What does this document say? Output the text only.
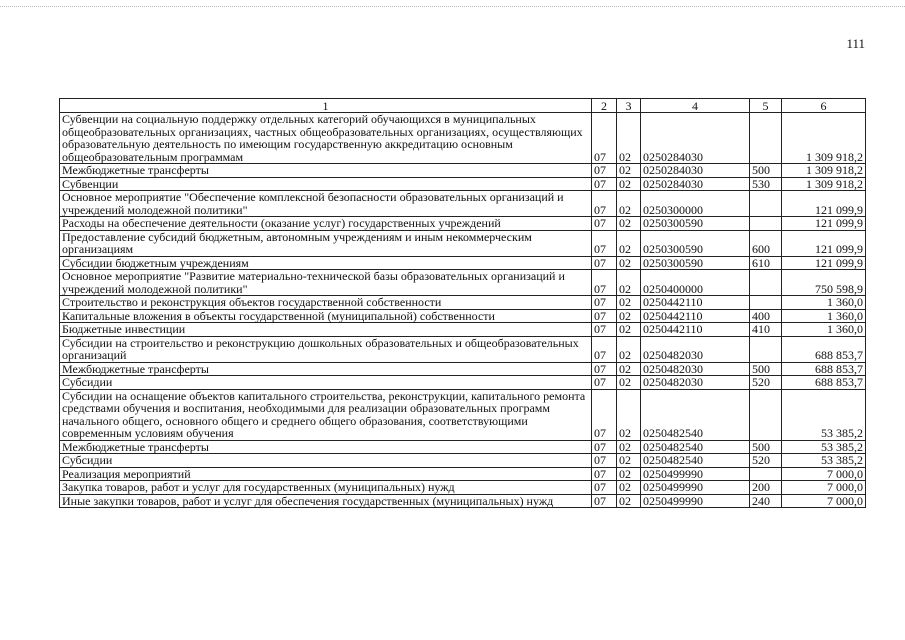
111
1	2	3	4	5	6
Субвенции на социальную поддержку отдельных категорий обучающихся в муниципальных общеобразовательных организациях, частных общеобразовательных организациях, осуществляющих образовательную деятельность по имеющим государственную аккредитацию основным общеобразовательным программам	07	02	0250284030		1 309 918,2
Межбюджетные трансферты	07	02	0250284030	500	1 309 918,2
Субвенции	07	02	0250284030	530	1 309 918,2
Основное мероприятие "Обеспечение комплексной безопасности образовательных организаций и учреждений молодежной политики"	07	02	0250300000		121 099,9
Расходы на обеспечение деятельности (оказание услуг) государственных учреждений	07	02	0250300590		121 099,9
Предоставление субсидий бюджетным, автономным учреждениям и иным некоммерческим организациям	07	02	0250300590	600	121 099,9
Субсидии бюджетным учреждениям	07	02	0250300590	610	121 099,9
Основное мероприятие "Развитие материально-технической базы образовательных организаций и учреждений молодежной политики"	07	02	0250400000		750 598,9
Строительство и реконструкция объектов государственной собственности	07	02	0250442110		1 360,0
Капитальные вложения в объекты государственной (муниципальной) собственности	07	02	0250442110	400	1 360,0
Бюджетные инвестиции	07	02	0250442110	410	1 360,0
Субсидии на строительство и реконструкцию дошкольных образовательных и общеобразовательных организаций	07	02	0250482030		688 853,7
Межбюджетные трансферты	07	02	0250482030	500	688 853,7
Субсидии	07	02	0250482030	520	688 853,7
Субсидии на оснащение объектов капитального строительства, реконструкции, капитального ремонта средствами обучения и воспитания, необходимыми для реализации образовательных программ начального общего, основного общего и среднего общего образования, соответствующими современным условиям обучения	07	02	0250482540		53 385,2
Межбюджетные трансферты	07	02	0250482540	500	53 385,2
Субсидии	07	02	0250482540	520	53 385,2
Реализация мероприятий	07	02	0250499990		7 000,0
Закупка товаров, работ и услуг для государственных (муниципальных) нужд	07	02	0250499990	200	7 000,0
Иные закупки товаров, работ и услуг для обеспечения государственных (муниципальных) нужд	07	02	0250499990	240	7 000,0
